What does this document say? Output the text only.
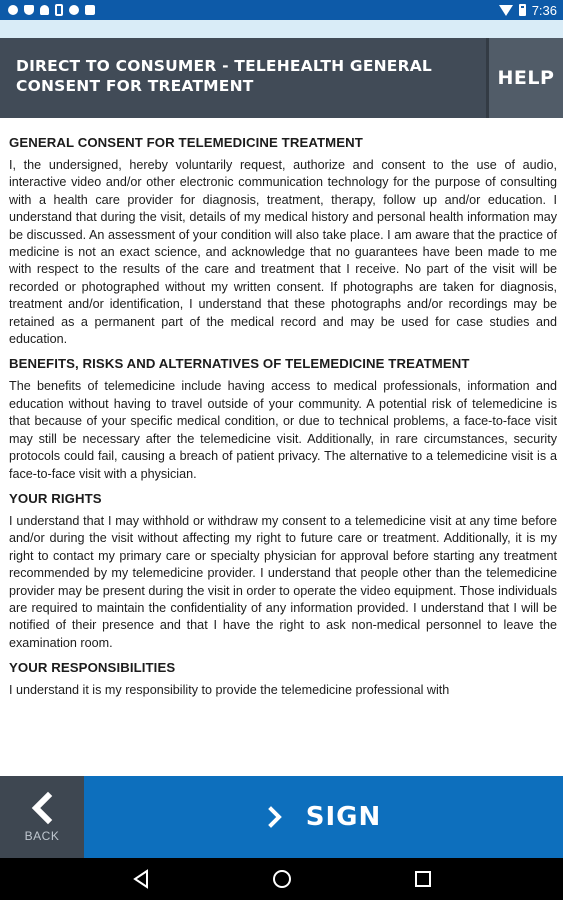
7:36
DIRECT TO CONSUMER - TELEHEALTH GENERAL CONSENT FOR TREATMENT	HELP
GENERAL CONSENT FOR TELEMEDICINE TREATMENT
I, the undersigned, hereby voluntarily request, authorize and consent to the use of audio, interactive video and/or other electronic communication technology for the purpose of consulting with a health care provider for diagnosis, treatment, therapy, follow up and/or education. I understand that during the visit, details of my medical history and personal health information may be discussed. An assessment of your condition will also take place. I am aware that the practice of medicine is not an exact science, and acknowledge that no guarantees have been made to me with respect to the results of the care and treatment that I receive. No part of the visit will be recorded or photographed without my written consent. If photographs are taken for diagnosis, treatment and/or identification, I understand that these photographs and/or recordings may be retained as a permanent part of the medical record and may be used for case studies and education.
BENEFITS, RISKS AND ALTERNATIVES OF TELEMEDICINE TREATMENT
The benefits of telemedicine include having access to medical professionals, information and education without having to travel outside of your community. A potential risk of telemedicine is that because of your specific medical condition, or due to technical problems, a face-to-face visit may still be necessary after the telemedicine visit. Additionally, in rare circumstances, security protocols could fail, causing a breach of patient privacy. The alternative to a telemedicine visit is a face-to-face visit with a physician.
YOUR RIGHTS
I understand that I may withhold or withdraw my consent to a telemedicine visit at any time before and/or during the visit without affecting my right to future care or treatment. Additionally, it is my right to contact my primary care or specialty physician for approval before starting any treatment recommended by my telemedicine provider. I understand that people other than the telemedicine provider may be present during the visit in order to operate the video equipment. Those individuals are required to maintain the confidentiality of any information provided. I understand that I will be notified of their presence and that I have the right to ask non-medical personnel to leave the examination room.
YOUR RESPONSIBILITIES
I understand it is my responsibility to provide the telemedicine professional with
BACK
SIGN
